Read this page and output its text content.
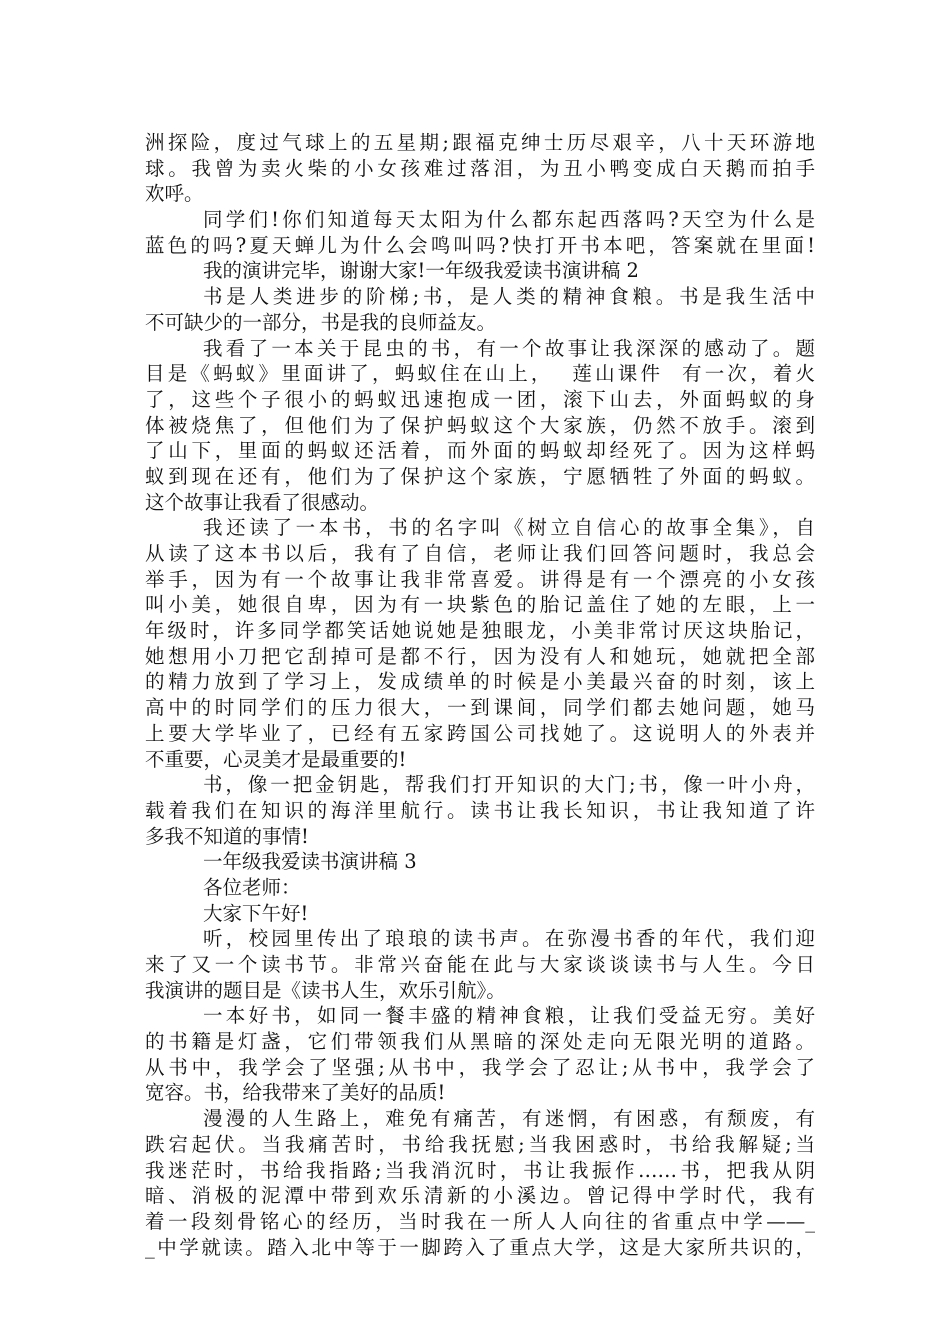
洲探险，度过气球上的五星期;跟福克绅士历尽艰辛，八十天环游地
球。我曾为卖火柴的小女孩难过落泪，为丑小鸭变成白天鹅而拍手
欢呼。
同学们!你们知道每天太阳为什么都东起西落吗?天空为什么是
蓝色的吗?夏天蝉儿为什么会鸣叫吗?快打开书本吧，答案就在里面!
我的演讲完毕，谢谢大家!一年级我爱读书演讲稿 2
书是人类进步的阶梯;书，是人类的精神食粮。书是我生活中
不可缺少的一部分，书是我的良师益友。
我看了一本关于昆虫的书，有一个故事让我深深的感动了。题
目是《蚂蚁》里面讲了，蚂蚁住在山上，  莲山课件  有一次，着火
了，这些个子很小的蚂蚁迅速抱成一团，滚下山去，外面蚂蚁的身
体被烧焦了，但他们为了保护蚂蚁这个大家族，仍然不放手。滚到
了山下，里面的蚂蚁还活着，而外面的蚂蚁却经死了。因为这样蚂
蚁到现在还有，他们为了保护这个家族，宁愿牺牲了外面的蚂蚁。
这个故事让我看了很感动。
我还读了一本书，书的名字叫《树立自信心的故事全集》，自
从读了这本书以后，我有了自信，老师让我们回答问题时，我总会
举手，因为有一个故事让我非常喜爱。讲得是有一个漂亮的小女孩
叫小美，她很自卑，因为有一块紫色的胎记盖住了她的左眼，上一
年级时，许多同学都笑话她说她是独眼龙，小美非常讨厌这块胎记，
她想用小刀把它刮掉可是都不行，因为没有人和她玩，她就把全部
的精力放到了学习上，发成绩单的时候是小美最兴奋的时刻，该上
高中的时同学们的压力很大，一到课间，同学们都去她问题，她马
上要大学毕业了，已经有五家跨国公司找她了。这说明人的外表并
不重要，心灵美才是最重要的!
书，像一把金钥匙，帮我们打开知识的大门;书，像一叶小舟，
载着我们在知识的海洋里航行。读书让我长知识，书让我知道了许
多我不知道的事情!
一年级我爱读书演讲稿 3
各位老师：
大家下午好!
听，校园里传出了琅琅的读书声。在弥漫书香的年代，我们迎
来了又一个读书节。非常兴奋能在此与大家谈谈读书与人生。今日
我演讲的题目是《读书人生，欢乐引航》。
一本好书，如同一餐丰盛的精神食粮，让我们受益无穷。美好
的书籍是灯盏，它们带领我们从黑暗的深处走向无限光明的道路。
从书中，我学会了坚强;从书中，我学会了忍让;从书中，我学会了
宽容。书，给我带来了美好的品质!
漫漫的人生路上，难免有痛苦，有迷惘，有困惑，有颓废，有
跌宕起伏。当我痛苦时，书给我抚慰;当我困惑时，书给我解疑;当
我迷茫时，书给我指路;当我消沉时，书让我振作……书，把我从阴
暗、消极的泥潭中带到欢乐清新的小溪边。曾记得中学时代，我有
着一段刻骨铭心的经历，当时我在一所人人向往的省重点中学——_
_中学就读。踏入北中等于一脚跨入了重点大学，这是大家所共识的，
